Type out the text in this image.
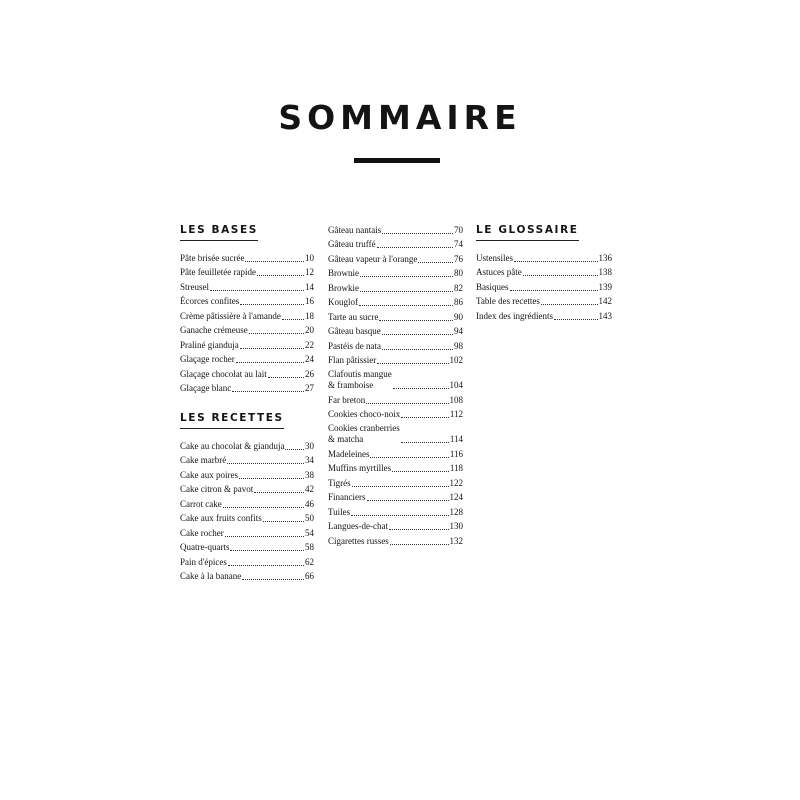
SOMMAIRE
LES BASES
Pâte brisée sucrée	10
Pâte feuilletée rapide	12
Streusel	14
Écorces confites	16
Crème pâtissière à l'amande	18
Ganache crémeuse	20
Praliné gianduja	22
Glaçage rocher	24
Glaçage chocolat au lait	26
Glaçage blanc	27
LES RECETTES
Cake au chocolat & gianduja 30
Cake marbré	34
Cake aux poires	38
Cake citron & pavot	42
Carrot cake	46
Cake aux fruits confits	50
Cake rocher	54
Quatre-quarts	58
Pain d'épices	62
Cake à la banane	66
Gâteau nantais	70
Gâteau truffé	74
Gâteau vapeur à l'orange	76
Brownie	80
Browkie	82
Kouglof	86
Tarte au sucre	90
Gâteau basque	94
Pastéis de nata	98
Flan pâtissier	102
Clafoutis mangue
& framboise	104
Far breton	108
Cookies choco-noix	112
Cookies cranberries
& matcha	114
Madeleines	116
Muffins myrtilles	118
Tigrés	122
Financiers	124
Tuiles	128
Langues-de-chat	130
Cigarettes russes	132
LE GLOSSAIRE
Ustensiles	136
Astuces pâte	138
Basiques	139
Table des recettes	142
Index des ingrédients	143
